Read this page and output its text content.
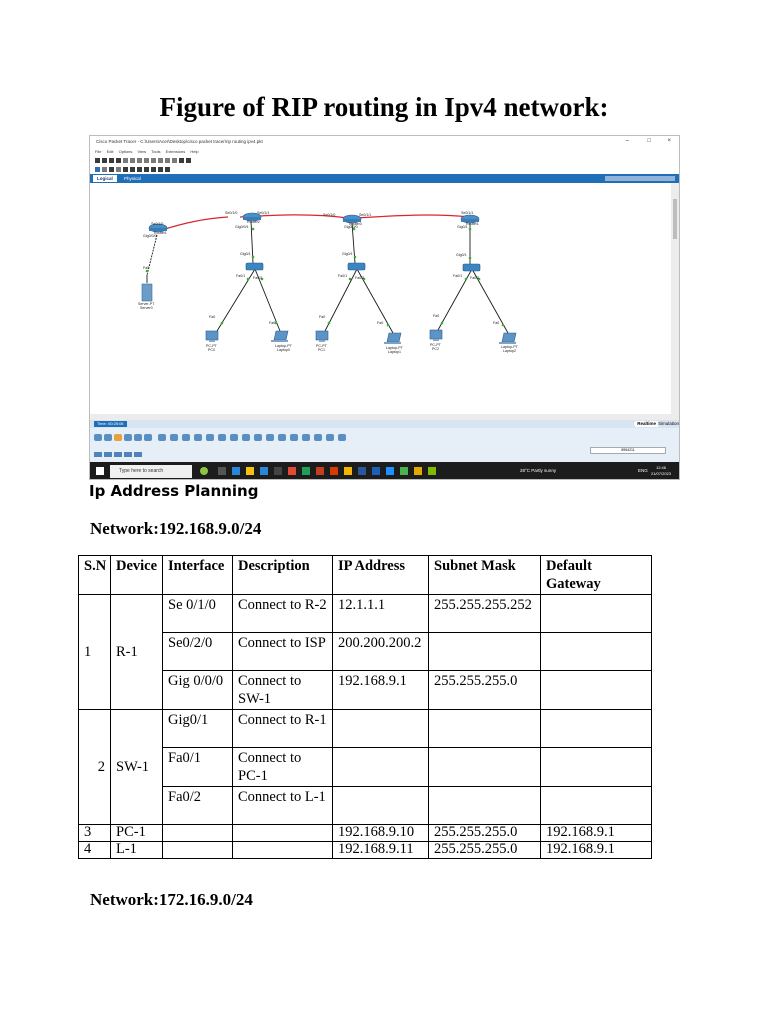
Figure of RIP routing in Ipv4 network:
Cisco Packet Tracer - C:\Users\Acer\Desktop\cisco packet tracer\rip routing ipv4.pkt	–	□	×
File Edit Options View Tools Extensions Help
Logical	Physical
Se0/1/0
Se0/1/0	Se0/1/1	Se0/1/0	Se0/1/1	Se0/1/1
Gig0/0/0
Router1
Gig0/0/1
Router2
Gig0/0/0
Router3
Gig0/1
Router1
Gig0/1	Gig0/1	Gig0/1
Fa0
Server-PT
Server0
Fa0/1 Fa0/2	Fa0/1 Fa0/2	Fa0/1 Fa0/2
Fa0
Fa0
Fa0
Fa0
Fa0
Fa0
PC-PT
PC0
Laptop-PT
Laptop0
PC-PT
PC1	Laptop-PT
Laptop1
PC-PT
PC2	Laptop-PT
Laptop2
Time: 00:25:06	Realtime Simulation
8954211
Type here to search	28°C Partly sunny	ENG
12:46
21/07/2023
Ip Address Planning
Network:192.168.9.0/24
S.N	Device	Interface	Description	IP Address	Subnet Mask	Default Gateway
1	R-1	Se 0/1/0	Connect to R-2	12.1.1.1	255.255.255.252	
		Se0/2/0	Connect to ISP	200.200.200.2		
		Gig 0/0/0	Connect to SW-1	192.168.9.1	255.255.255.0	
2	SW-1	Gig0/1	Connect to R-1			
		Fa0/1	Connect to PC-1			
		Fa0/2	Connect to L-1			
3	PC-1			192.168.9.10	255.255.255.0	192.168.9.1
4	L-1			192.168.9.11	255.255.255.0	192.168.9.1
Network:172.16.9.0/24
